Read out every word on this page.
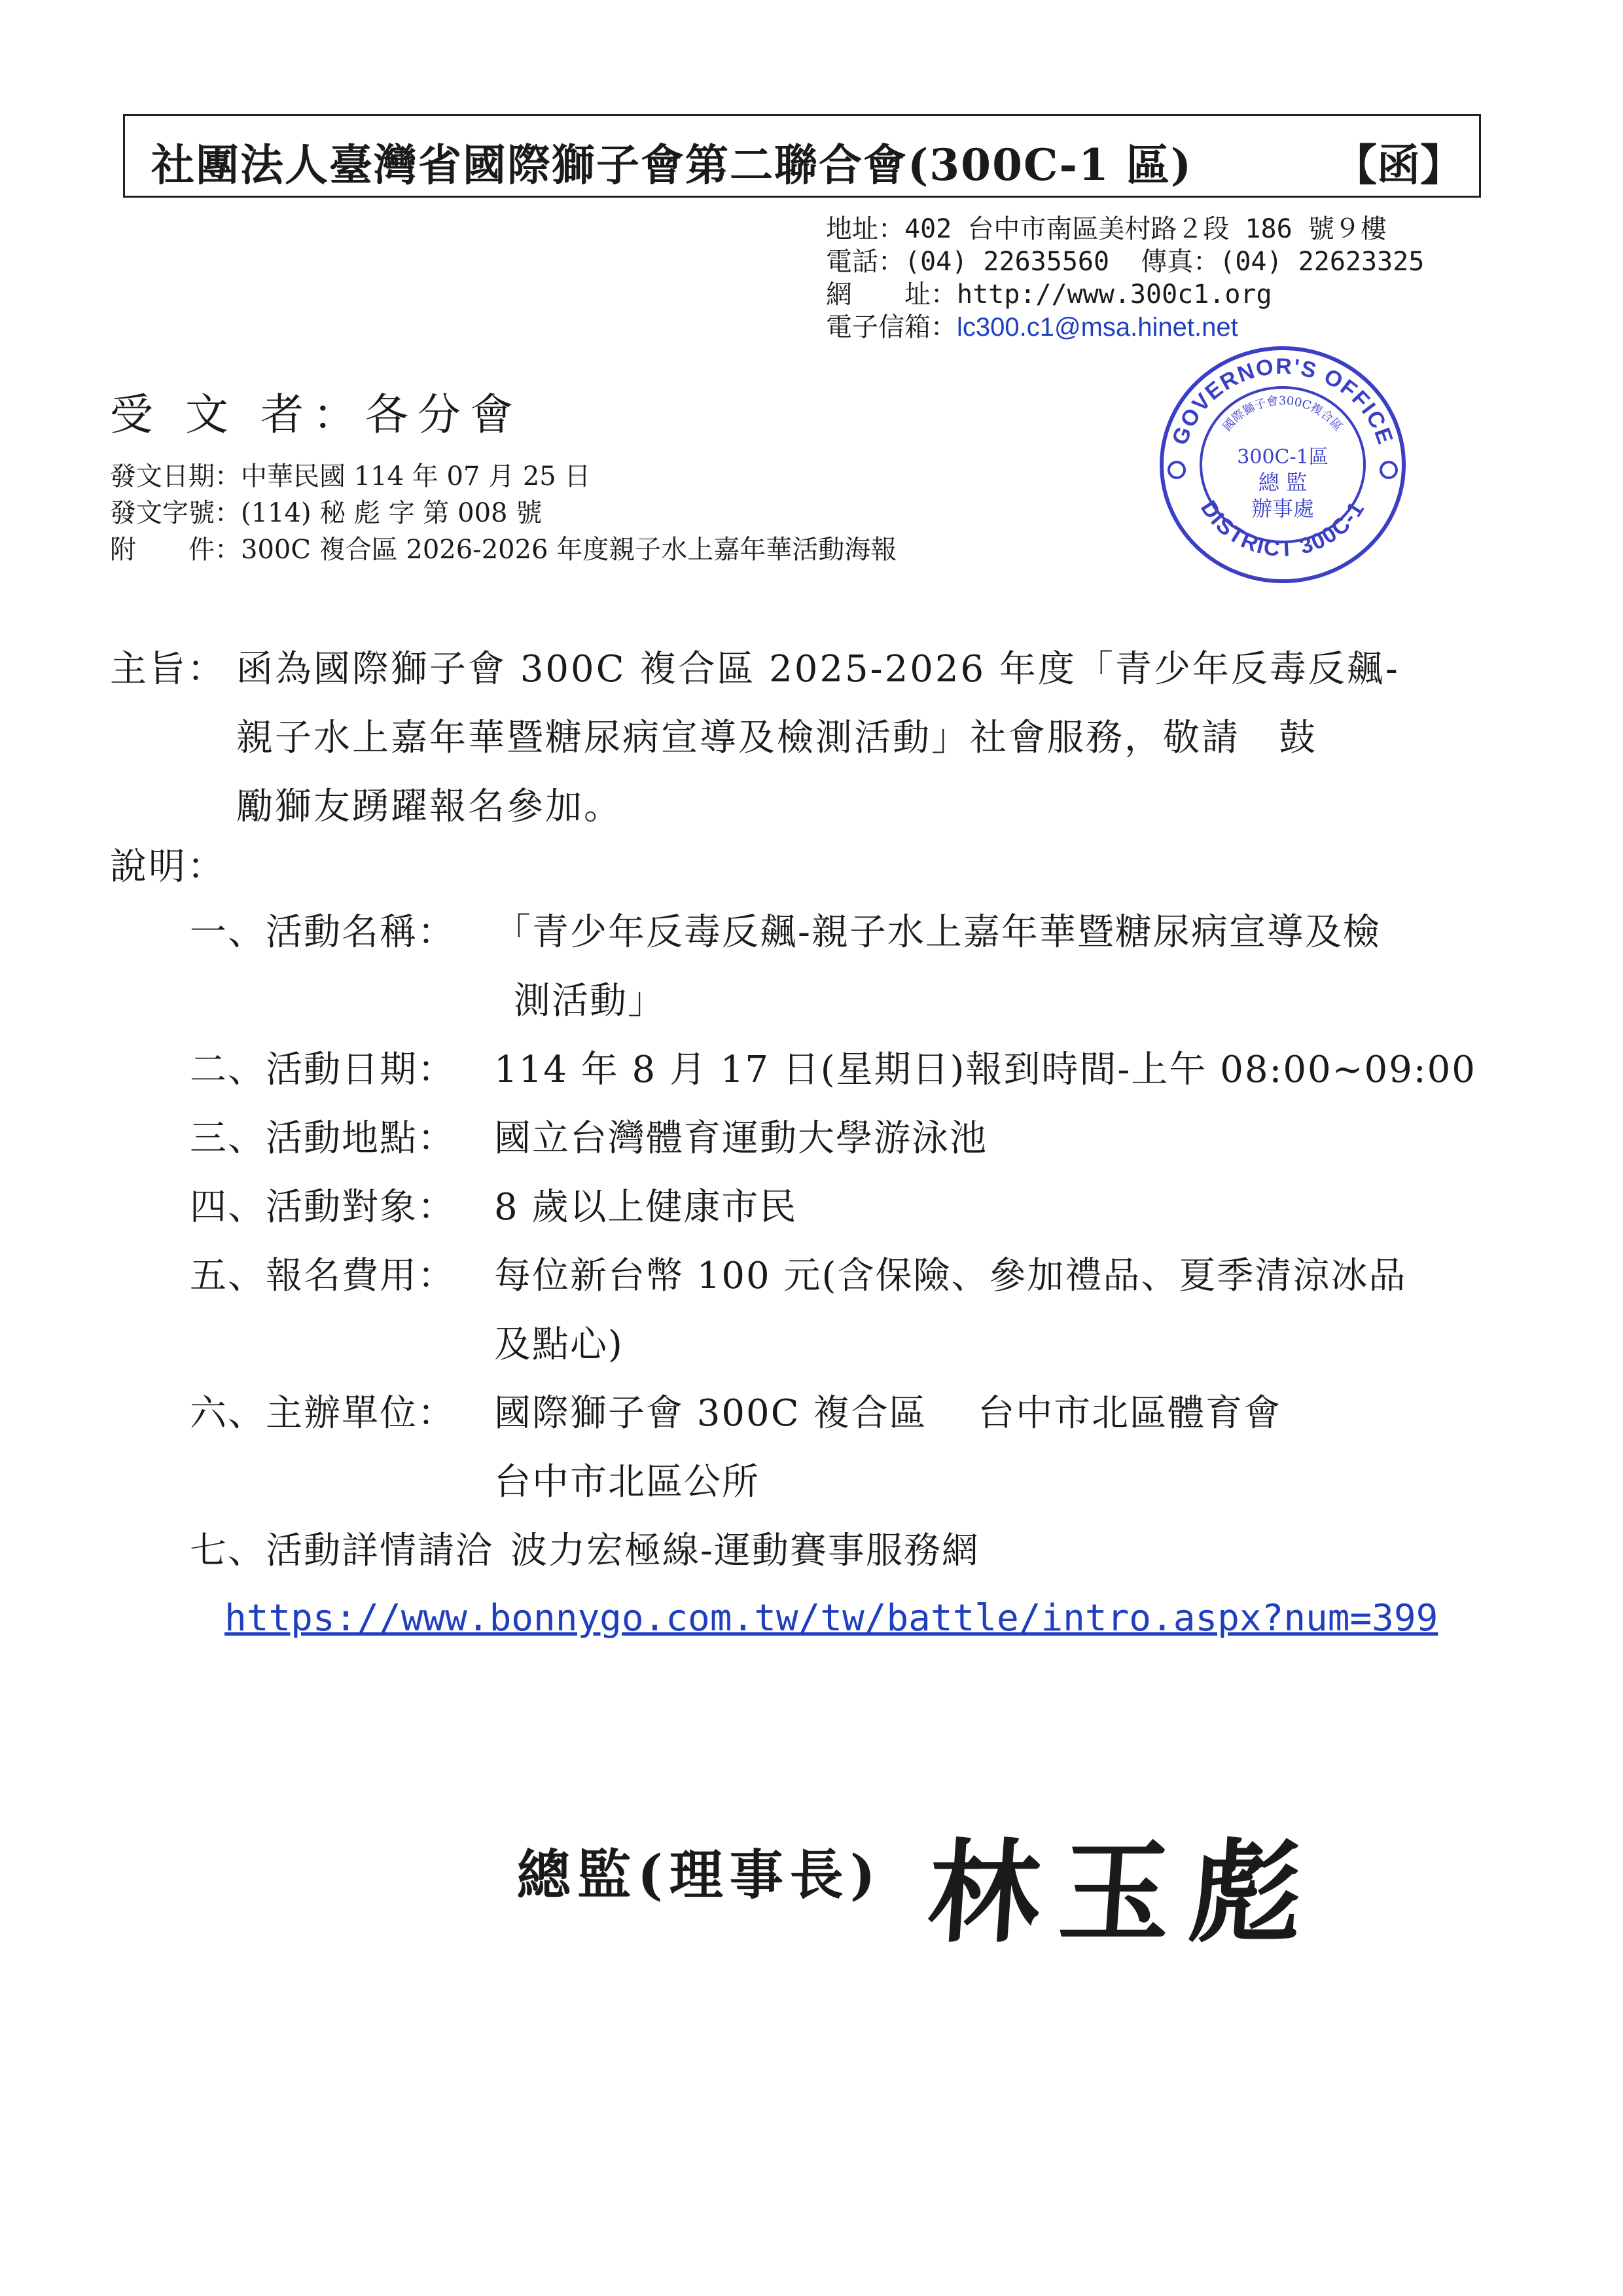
社團法人臺灣省國際獅子會第二聯合會(300C-1 區)	【函】
地址：402 台中市南區美村路２段 186 號９樓
電話：(04) 22635560 傳真：(04) 22623325
網　　址：http://www.300c1.org
電子信箱：lc300.c1@msa.hinet.net
受 文 者：各分會
發文日期：中華民國 114 年 07 月 25 日
發文字號：(114) 秘 彪 字 第 008 號
附　　件：300C 複合區 2026-2026 年度親子水上嘉年華活動海報
GOVERNOR'S OFFICE
DISTRICT 300C-1
國際獅子會300C複合區
300C-1區
總 監
辦事處
主旨： 函為國際獅子會 300C 複合區 2025-2026 年度「青少年反毒反飆-
親子水上嘉年華暨糖尿病宣導及檢測活動」社會服務，敬請　鼓
勵獅友踴躍報名參加。
說明：
一、活動名稱： 「青少年反毒反飆-親子水上嘉年華暨糖尿病宣導及檢
測活動」
二、活動日期： 114 年 8 月 17 日(星期日)報到時間-上午 08:00~09:00
三、活動地點： 國立台灣體育運動大學游泳池
四、活動對象： 8 歲以上健康市民
五、報名費用： 每位新台幣 100 元(含保險、參加禮品、夏季清涼冰品
及點心)
六、主辦單位： 國際獅子會 300C 複合區　 台中市北區體育會
台中市北區公所
七、活動詳情請洽 波力宏極線-運動賽事服務網
https://www.bonnygo.com.tw/tw/battle/intro.aspx?num=399
總監(理事長) 林玉彪
